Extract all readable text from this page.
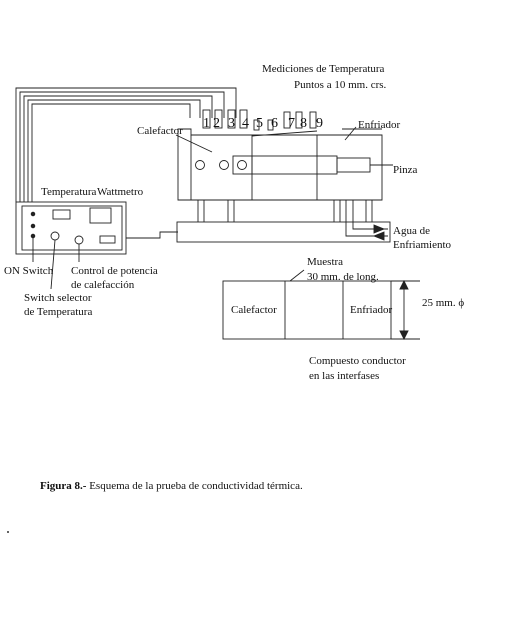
Mediciones de Temperatura
Puntos a 10 mm. crs.
1 2 3 4 5 6 7 8 9
Calefactor	Enfriador
Pinza
Agua de
Enfriamiento
Temperatura Wattmetro
ON Switch Control de potencia
de calefacción
Switch selector
de Temperatura
Muestra
30 mm. de long.
Calefactor	Enfriador
25 mm. ϕ
Compuesto conductor
en las interfases
Figura 8.- Esquema de la prueba de conductividad térmica.
